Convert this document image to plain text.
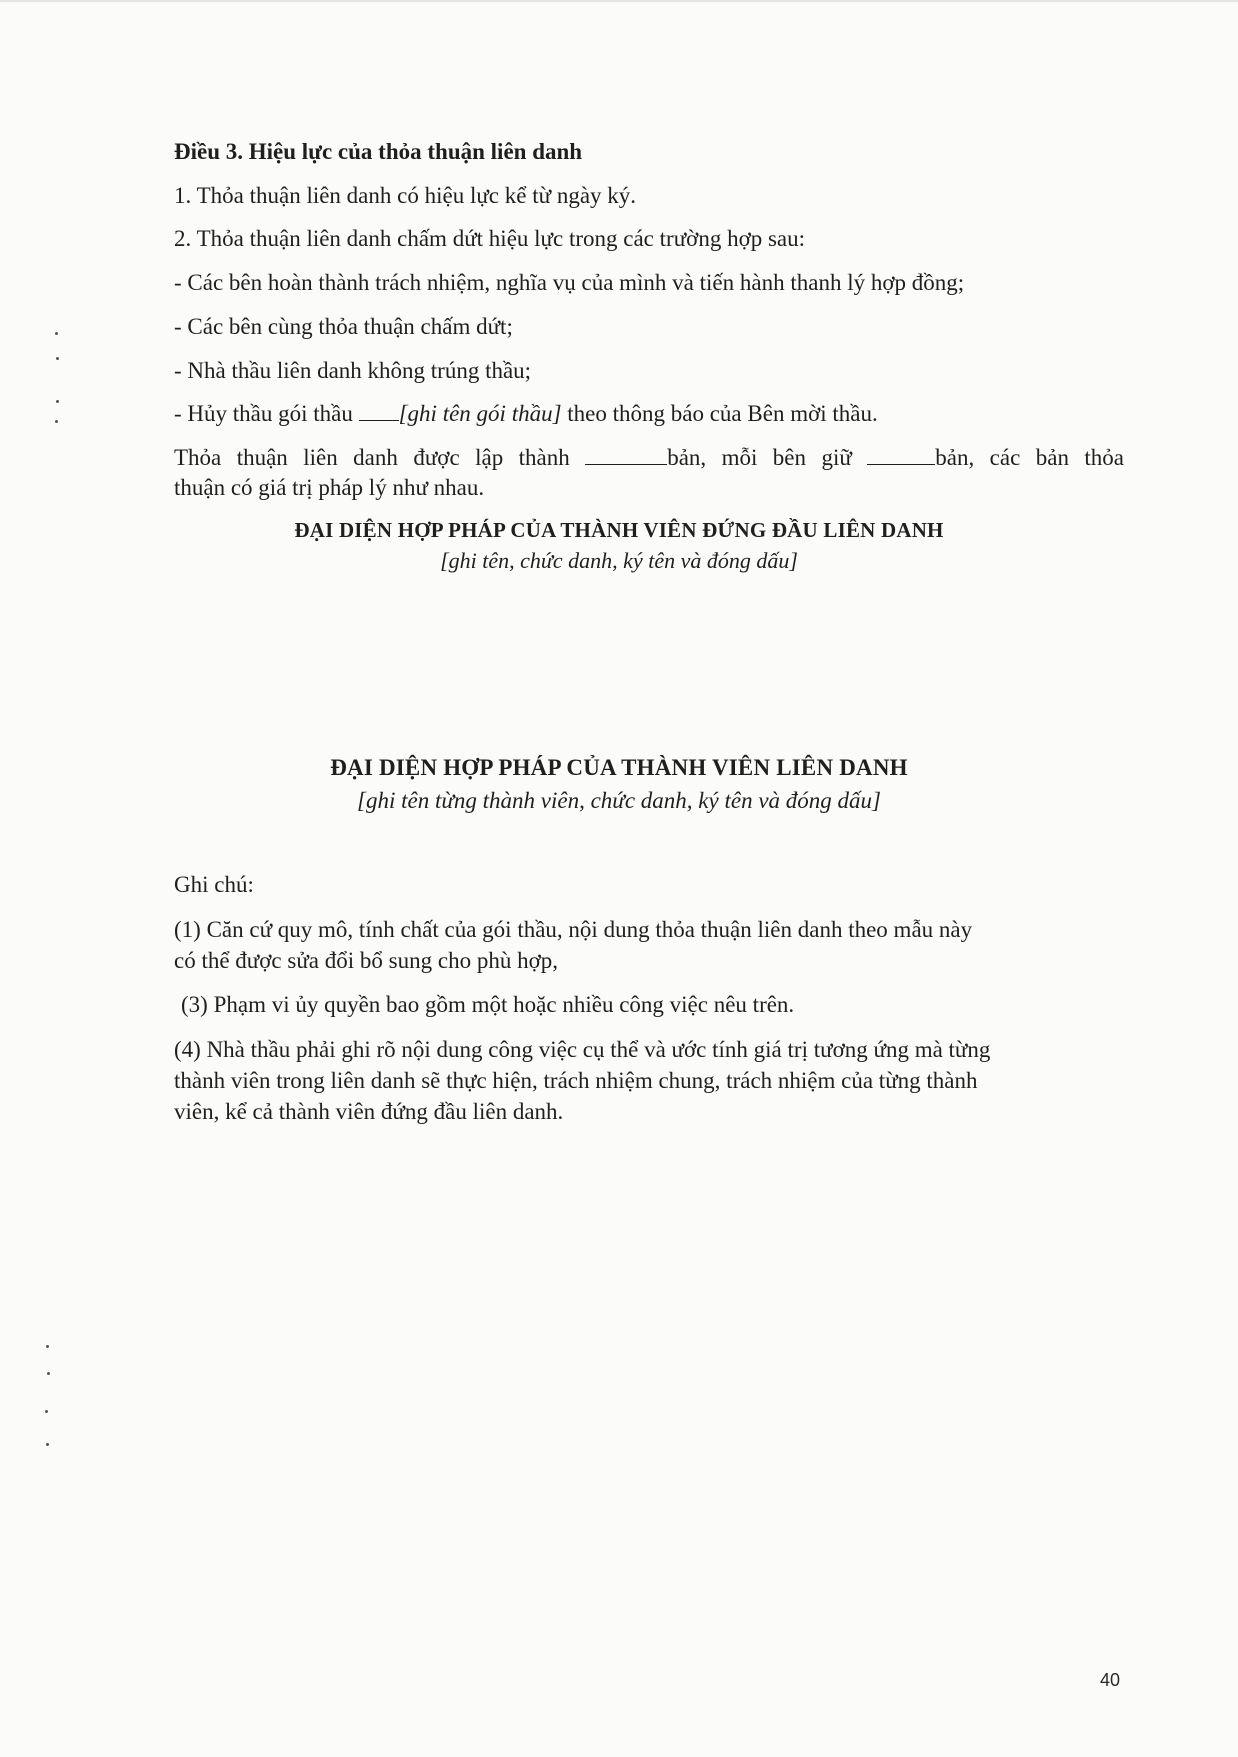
Điều 3. Hiệu lực của thỏa thuận liên danh
1. Thỏa thuận liên danh có hiệu lực kể từ ngày ký.
2. Thỏa thuận liên danh chấm dứt hiệu lực trong các trường hợp sau:
- Các bên hoàn thành trách nhiệm, nghĩa vụ của mình và tiến hành thanh lý hợp đồng;
- Các bên cùng thỏa thuận chấm dứt;
- Nhà thầu liên danh không trúng thầu;
- Hủy thầu gói thầu [ghi tên gói thầu] theo thông báo của Bên mời thầu.
Thỏa thuận liên danh được lập thành	bản, mỗi bên giữ	bản, các bản thỏa
thuận có giá trị pháp lý như nhau.
ĐẠI DIỆN HỢP PHÁP CỦA THÀNH VIÊN ĐỨNG ĐẦU LIÊN DANH
[ghi tên, chức danh, ký tên và đóng dấu]
ĐẠI DIỆN HỢP PHÁP CỦA THÀNH VIÊN LIÊN DANH
[ghi tên từng thành viên, chức danh, ký tên và đóng dấu]
Ghi chú:
(1) Căn cứ quy mô, tính chất của gói thầu, nội dung thỏa thuận liên danh theo mẫu này
có thể được sửa đổi bổ sung cho phù hợp,
(3) Phạm vi ủy quyền bao gồm một hoặc nhiều công việc nêu trên.
(4) Nhà thầu phải ghi rõ nội dung công việc cụ thể và ước tính giá trị tương ứng mà từng
thành viên trong liên danh sẽ thực hiện, trách nhiệm chung, trách nhiệm của từng thành
viên, kể cả thành viên đứng đầu liên danh.
40
